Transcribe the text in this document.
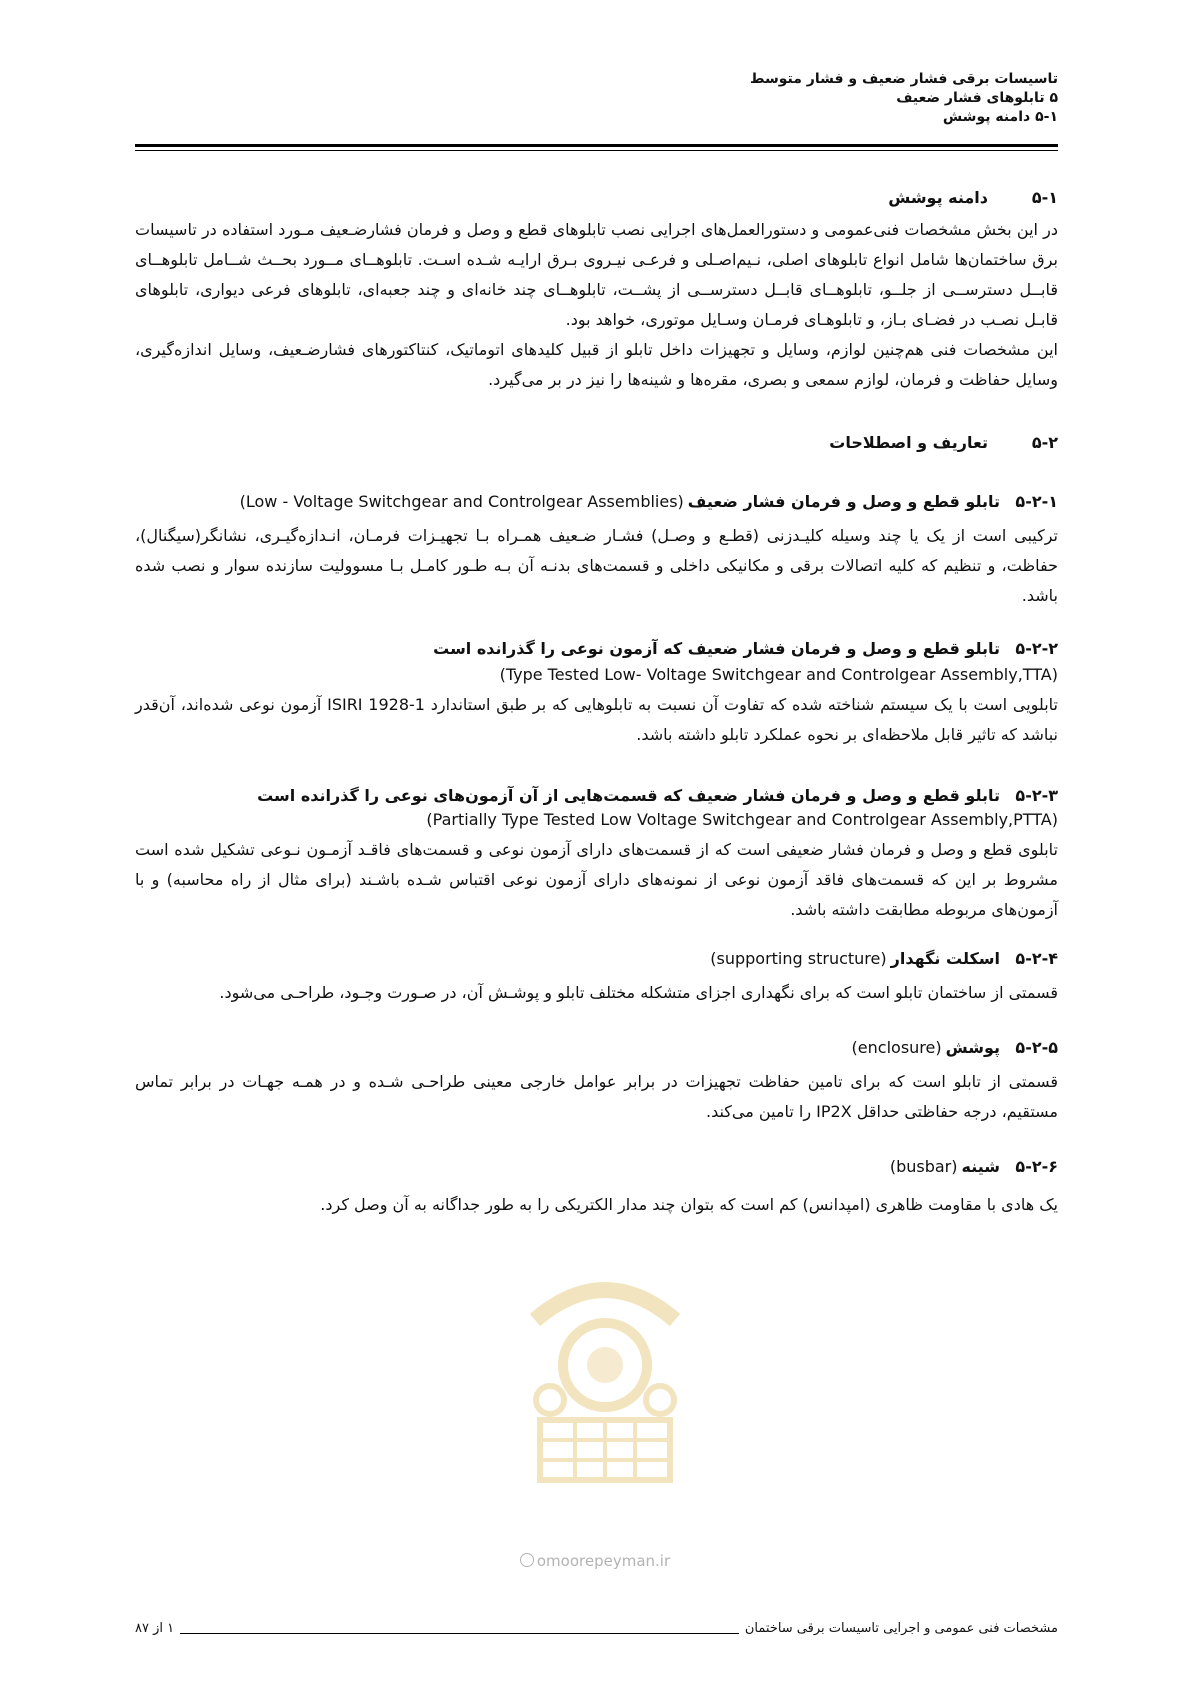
تاسیسات برقی فشار ضعیف و فشار متوسط
۵ تابلوهای فشار ضعیف
۵-۱ دامنه پوشش
۵-۱
دامنه پوشش

در این بخش مشخصات فنی‌عمومی و دستورالعمل‌های اجرایی نصب تابلوهای قطع و وصل و فرمان فشارضـعیف مـورد استفاده در تاسیسات برق ساختمان‌ها شامل انواع تابلوهای اصلی، نـیم‌اصـلی و فرعـی نیـروی بـرق ارایـه شـده اسـت. تابلوهــای مــورد بحــث شــامل تابلوهــای قابــل دسترســی از جلــو، تابلوهــای قابــل دسترســی از پشــت، تابلوهــای چند خانه‌ای و چند جعبه‌ای، تابلوهای فرعی دیواری، تابلوهای قابـل نصـب در فضـای بـاز، و تابلوهـای فرمـان وسـایل موتوری، خواهد بود.

این مشخصات فنی هم‌چنین لوازم، وسایل و تجهیزات داخل تابلو از قبیل کلیدهای اتوماتیک، کنتاکتورهای فشارضـعیف، وسایل اندازه‌گیری، وسایل حفاظت و فرمان، لوازم سمعی و بصری، مقره‌ها و شینه‌ها را نیز در بر می‌گیرد.

۵-۲
تعاریف و اصطلاحات
۵-۲-۱
تابلو قطع و وصل و فرمان فشار ضعیف
(Low - Voltage Switchgear and Controlgear Assemblies)

ترکیبی است از یک یا چند وسیله کلیـدزنی (قطـع و وصـل) فشـار ضـعیف همـراه بـا تجهیـزات فرمـان، انـدازه‌گیـری، نشانگر(سیگنال)، حفاظت، و تنظیم که کلیه اتصالات برقی و مکانیکی داخلی و قسمت‌های بدنـه آن بـه طـور کامـل بـا مسوولیت سازنده سوار و نصب شده باشد.

۵-۲-۲
تابلو قطع و وصل و فرمان فشار ضعیف که آزمون نوعی را گذرانده است
(Type Tested Low- Voltage Switchgear and Controlgear Assembly,TTA)

تابلویی است با یک سیستم شناخته شده که تفاوت آن نسبت به تابلوهایی که بر طبق استاندارد ISIRI 1928-1 آزمون نوعی شده‌اند، آن‌قدر نباشد که تاثیر قابل ملاحظه‌ای بر نحوه عملکرد تابلو داشته باشد.

۵-۲-۳
تابلو قطع و وصل و فرمان فشار ضعیف که قسمت‌هایی از آن آزمون‌های نوعی را گذرانده است
(Partially Type Tested Low Voltage Switchgear and Controlgear Assembly,PTTA)

تابلوی قطع و وصل و فرمان فشار ضعیفی است که از قسمت‌های دارای آزمون نوعی و قسمت‌های فاقـد آزمـون نـوعی تشکیل شده است مشروط بر این که قسمت‌های فاقد آزمون نوعی از نمونه‌های دارای آزمون نوعی اقتباس شـده باشـند (برای مثال از راه محاسبه) و با آزمون‌های مربوطه مطابقت داشته باشد.

۵-۲-۴
اسکلت نگهدار
(supporting structure)

قسمتی از ساختمان تابلو است که برای نگهداری اجزای متشکله مختلف تابلو و پوشـش آن، در صـورت وجـود، طراحـی می‌شود.

۵-۲-۵
پوشش
(enclosure)

قسمتی از تابلو است که برای تامین حفاظت تجهیزات در برابر عوامل خارجی معینی طراحـی شـده و در همـه جهـات در برابر تماس مستقیم، درجه حفاظتی حداقل IP2X را تامین می‌کند.

۵-۲-۶
شینه
(busbar)

یک هادی با مقاومت ظاهری (امپدانس) کم است که بتوان چند مدار الکتریکی را به طور جداگانه به آن وصل کرد.

omoorepeyman.ir
مشخصات فنی عمومی و اجرایی تاسیسات برقی ساختمان
۱ از ۸۷
